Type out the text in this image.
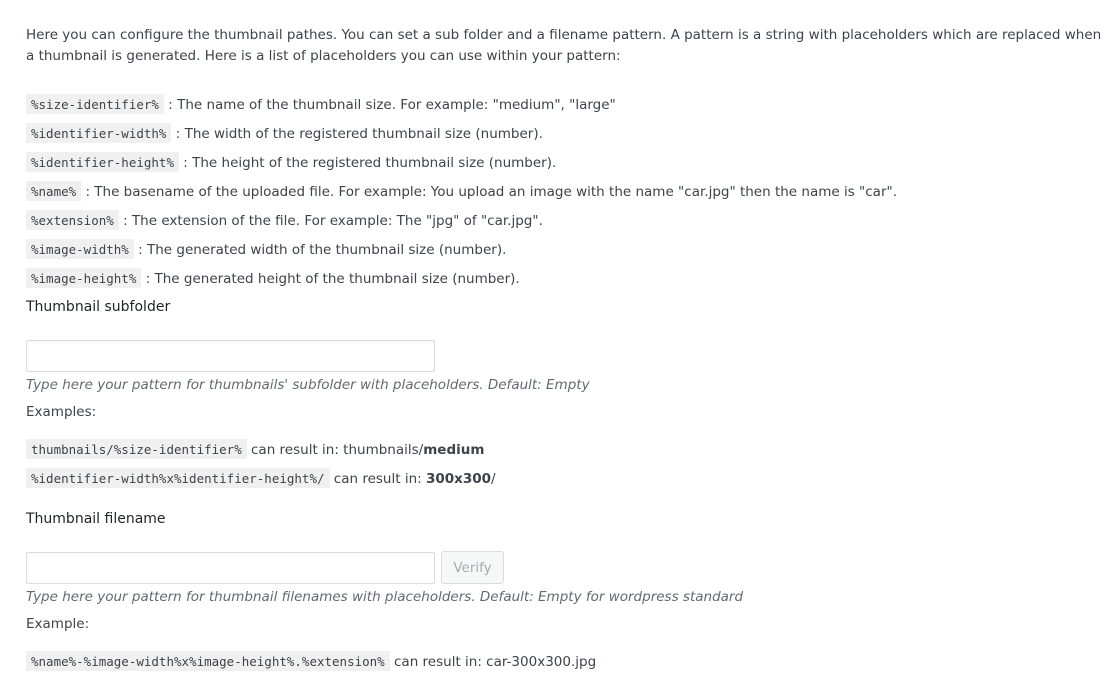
Here you can configure the thumbnail pathes. You can set a sub folder and a filename pattern. A pattern is a string with placeholders which are replaced when a thumbnail is generated. Here is a list of placeholders you can use within your pattern:

%size-identifier% : The name of the thumbnail size. For example: "medium", "large"
%identifier-width% : The width of the registered thumbnail size (number).
%identifier-height% : The height of the registered thumbnail size (number).
%name% : The basename of the uploaded file. For example: You upload an image with the name "car.jpg" then the name is "car".
%extension% : The extension of the file. For example: The "jpg" of "car.jpg".
%image-width% : The generated width of the thumbnail size (number).
%image-height% : The generated height of the thumbnail size (number).
Thumbnail subfolder

Type here your pattern for thumbnails' subfolder with placeholders. Default: Empty

Examples:

thumbnails/%size-identifier% can result in: thumbnails/medium
%identifier-width%x%identifier-height%/ can result in: 300x300/
Thumbnail filename
Verify

Type here your pattern for thumbnail filenames with placeholders. Default: Empty for wordpress standard

Example:

%name%-%image-width%x%image-height%.%extension% can result in: car-300x300.jpg
